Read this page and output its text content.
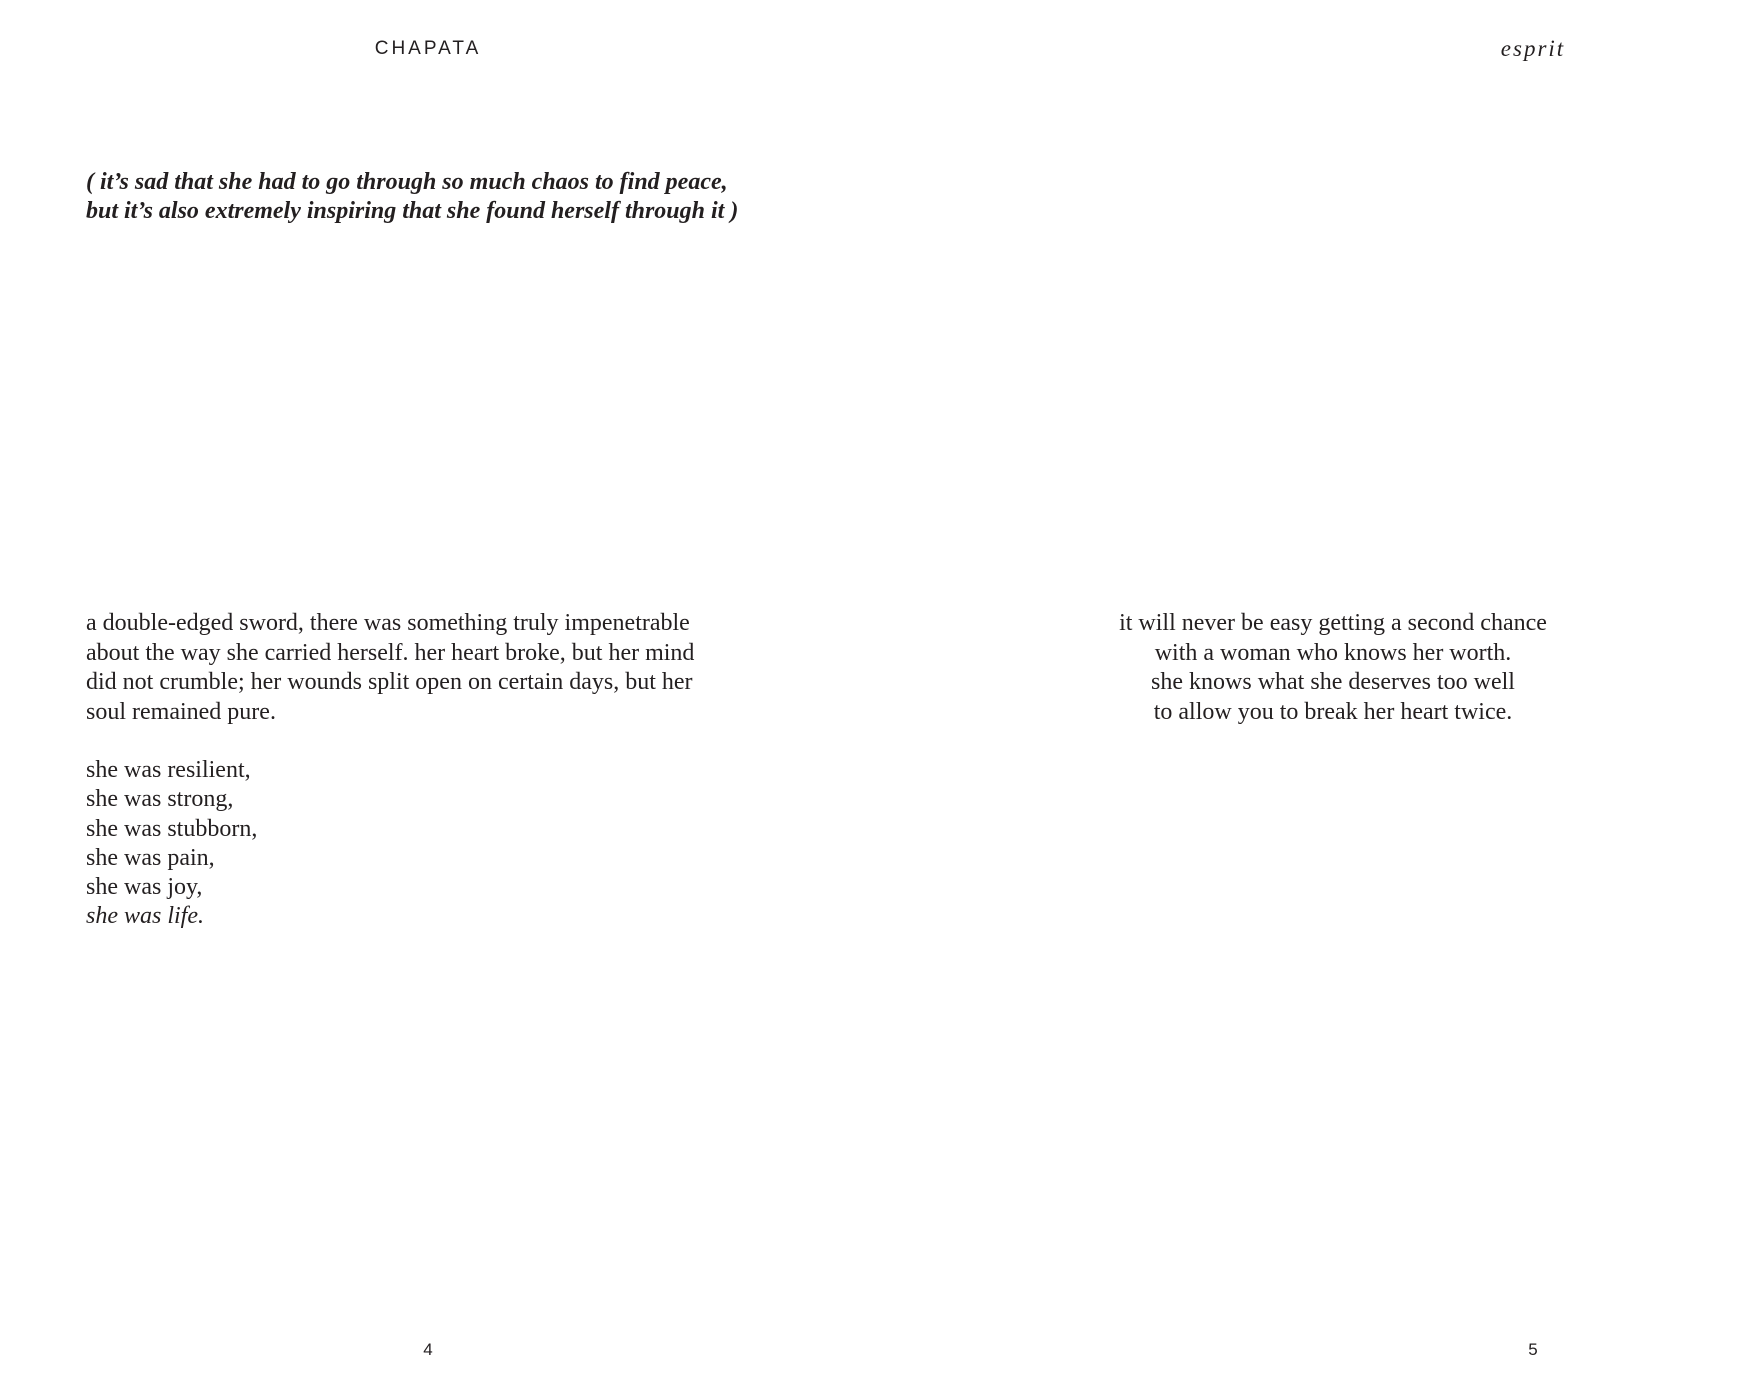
CHAPATA
( it’s sad that she had to go through so much chaos to find peace,
but it’s also extremely inspiring that she found herself through it )
a double-edged sword, there was something truly impenetrable
about the way she carried herself. her heart broke, but her mind
did not crumble; her wounds split open on certain days, but her
soul remained pure.
she was resilient,
she was strong,
she was stubborn,
she was pain,
she was joy,
she was life.
4
esprit
it will never be easy getting a second chance
with a woman who knows her worth.
she knows what she deserves too well
to allow you to break her heart twice.
5
